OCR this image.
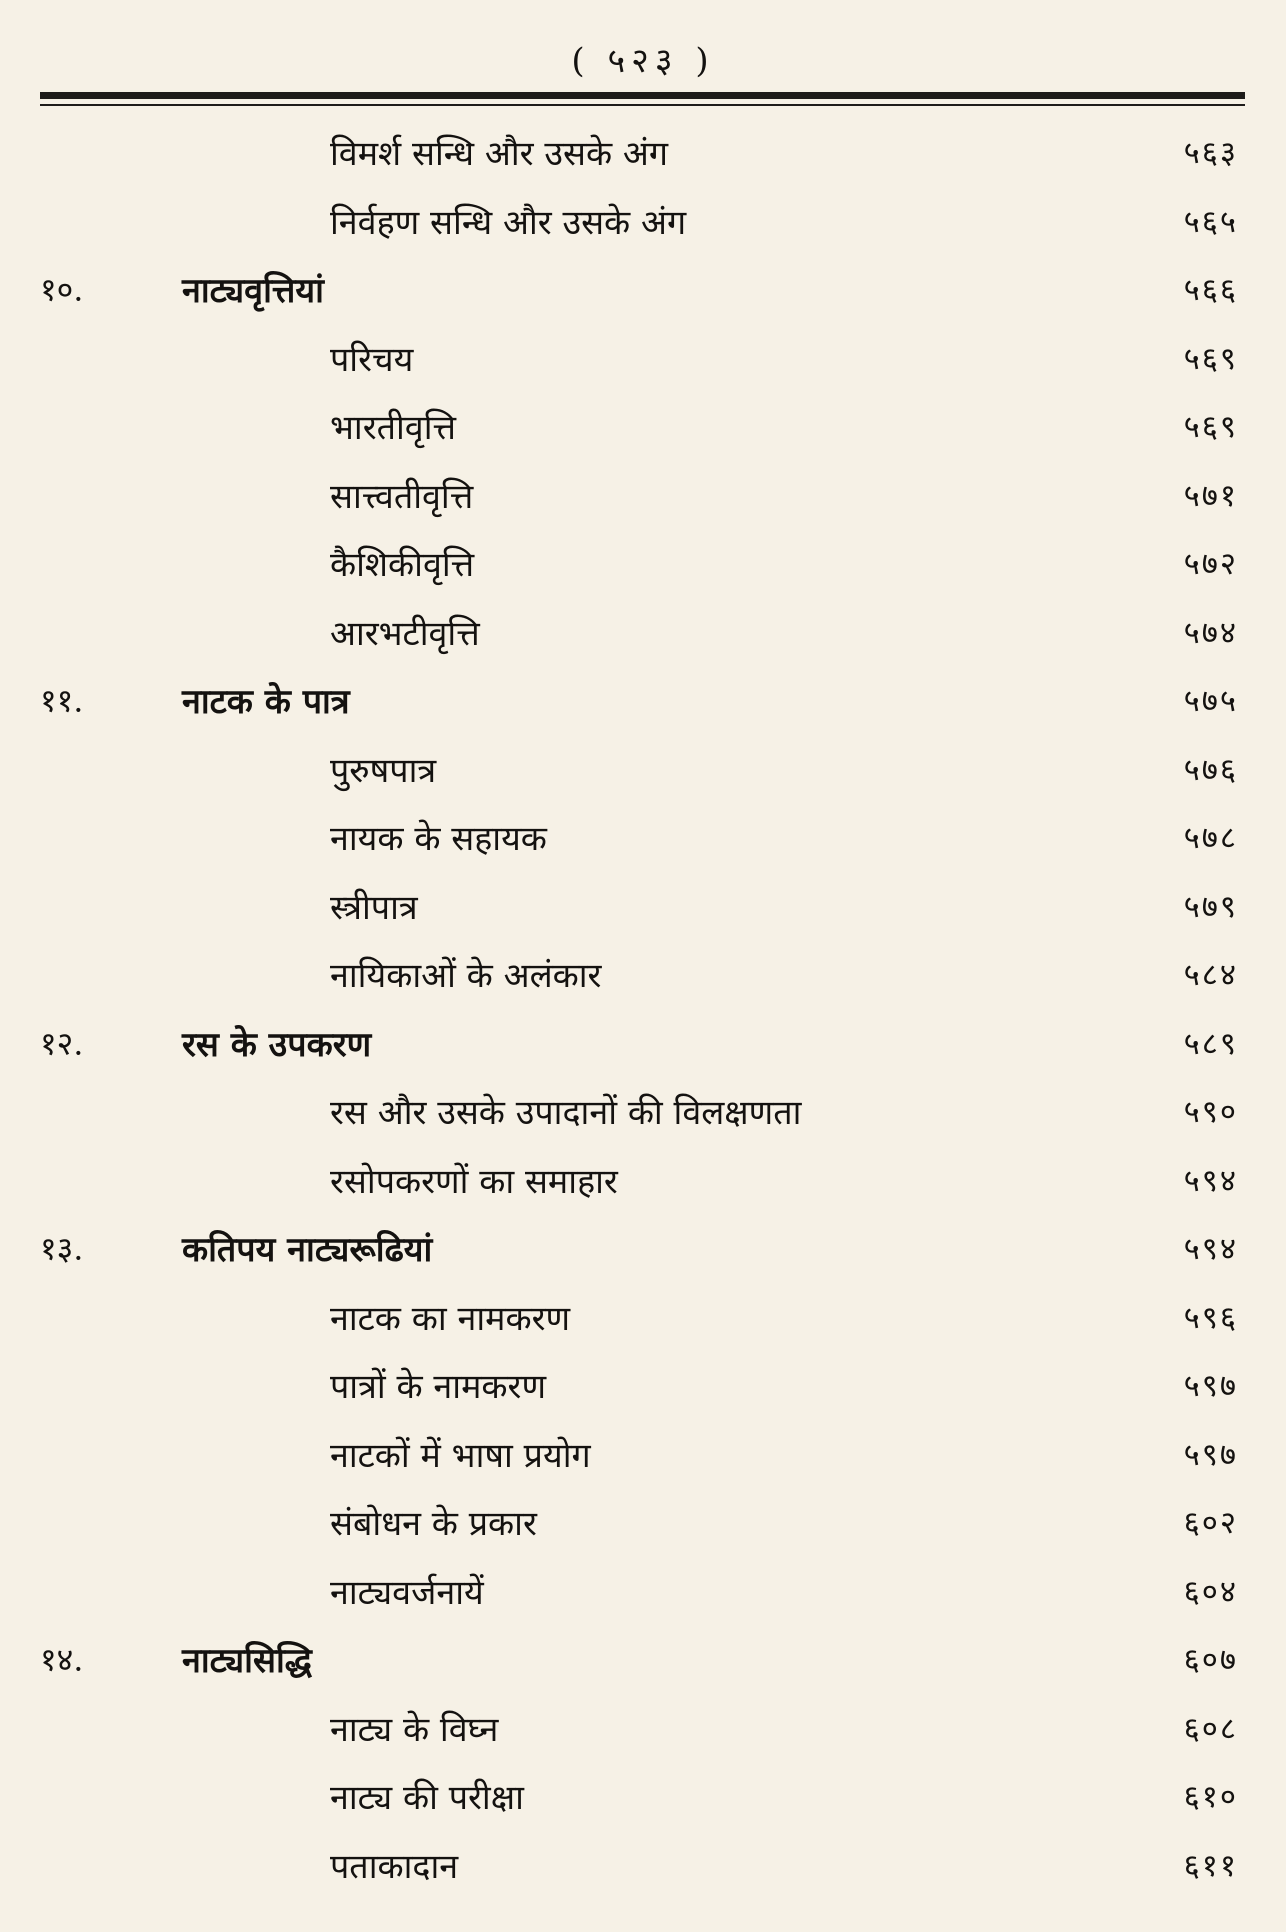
( ५२३ )
विमर्श सन्धि और उसके अंग	५६३
निर्वहण सन्धि और उसके अंग	५६५
१०.	नाट्यवृत्तियां	५६६
परिचय	५६९
भारतीवृत्ति	५६९
सात्त्वतीवृत्ति	५७१
कैशिकीवृत्ति	५७२
आरभटीवृत्ति	५७४
११.	नाटक के पात्र	५७५
पुरुषपात्र	५७६
नायक के सहायक	५७८
स्त्रीपात्र	५७९
नायिकाओं के अलंकार	५८४
१२.	रस के उपकरण	५८९
रस और उसके उपादानों की विलक्षणता	५९०
रसोपकरणों का समाहार	५९४
१३.	कतिपय नाट्यरूढियां	५९४
नाटक का नामकरण	५९६
पात्रों के नामकरण	५९७
नाटकों में भाषा प्रयोग	५९७
संबोधन के प्रकार	६०२
नाट्यवर्जनायें	६०४
१४.	नाट्यसिद्धि	६०७
नाट्य के विघ्न	६०८
नाट्य की परीक्षा	६१०
पताकादान	६११
